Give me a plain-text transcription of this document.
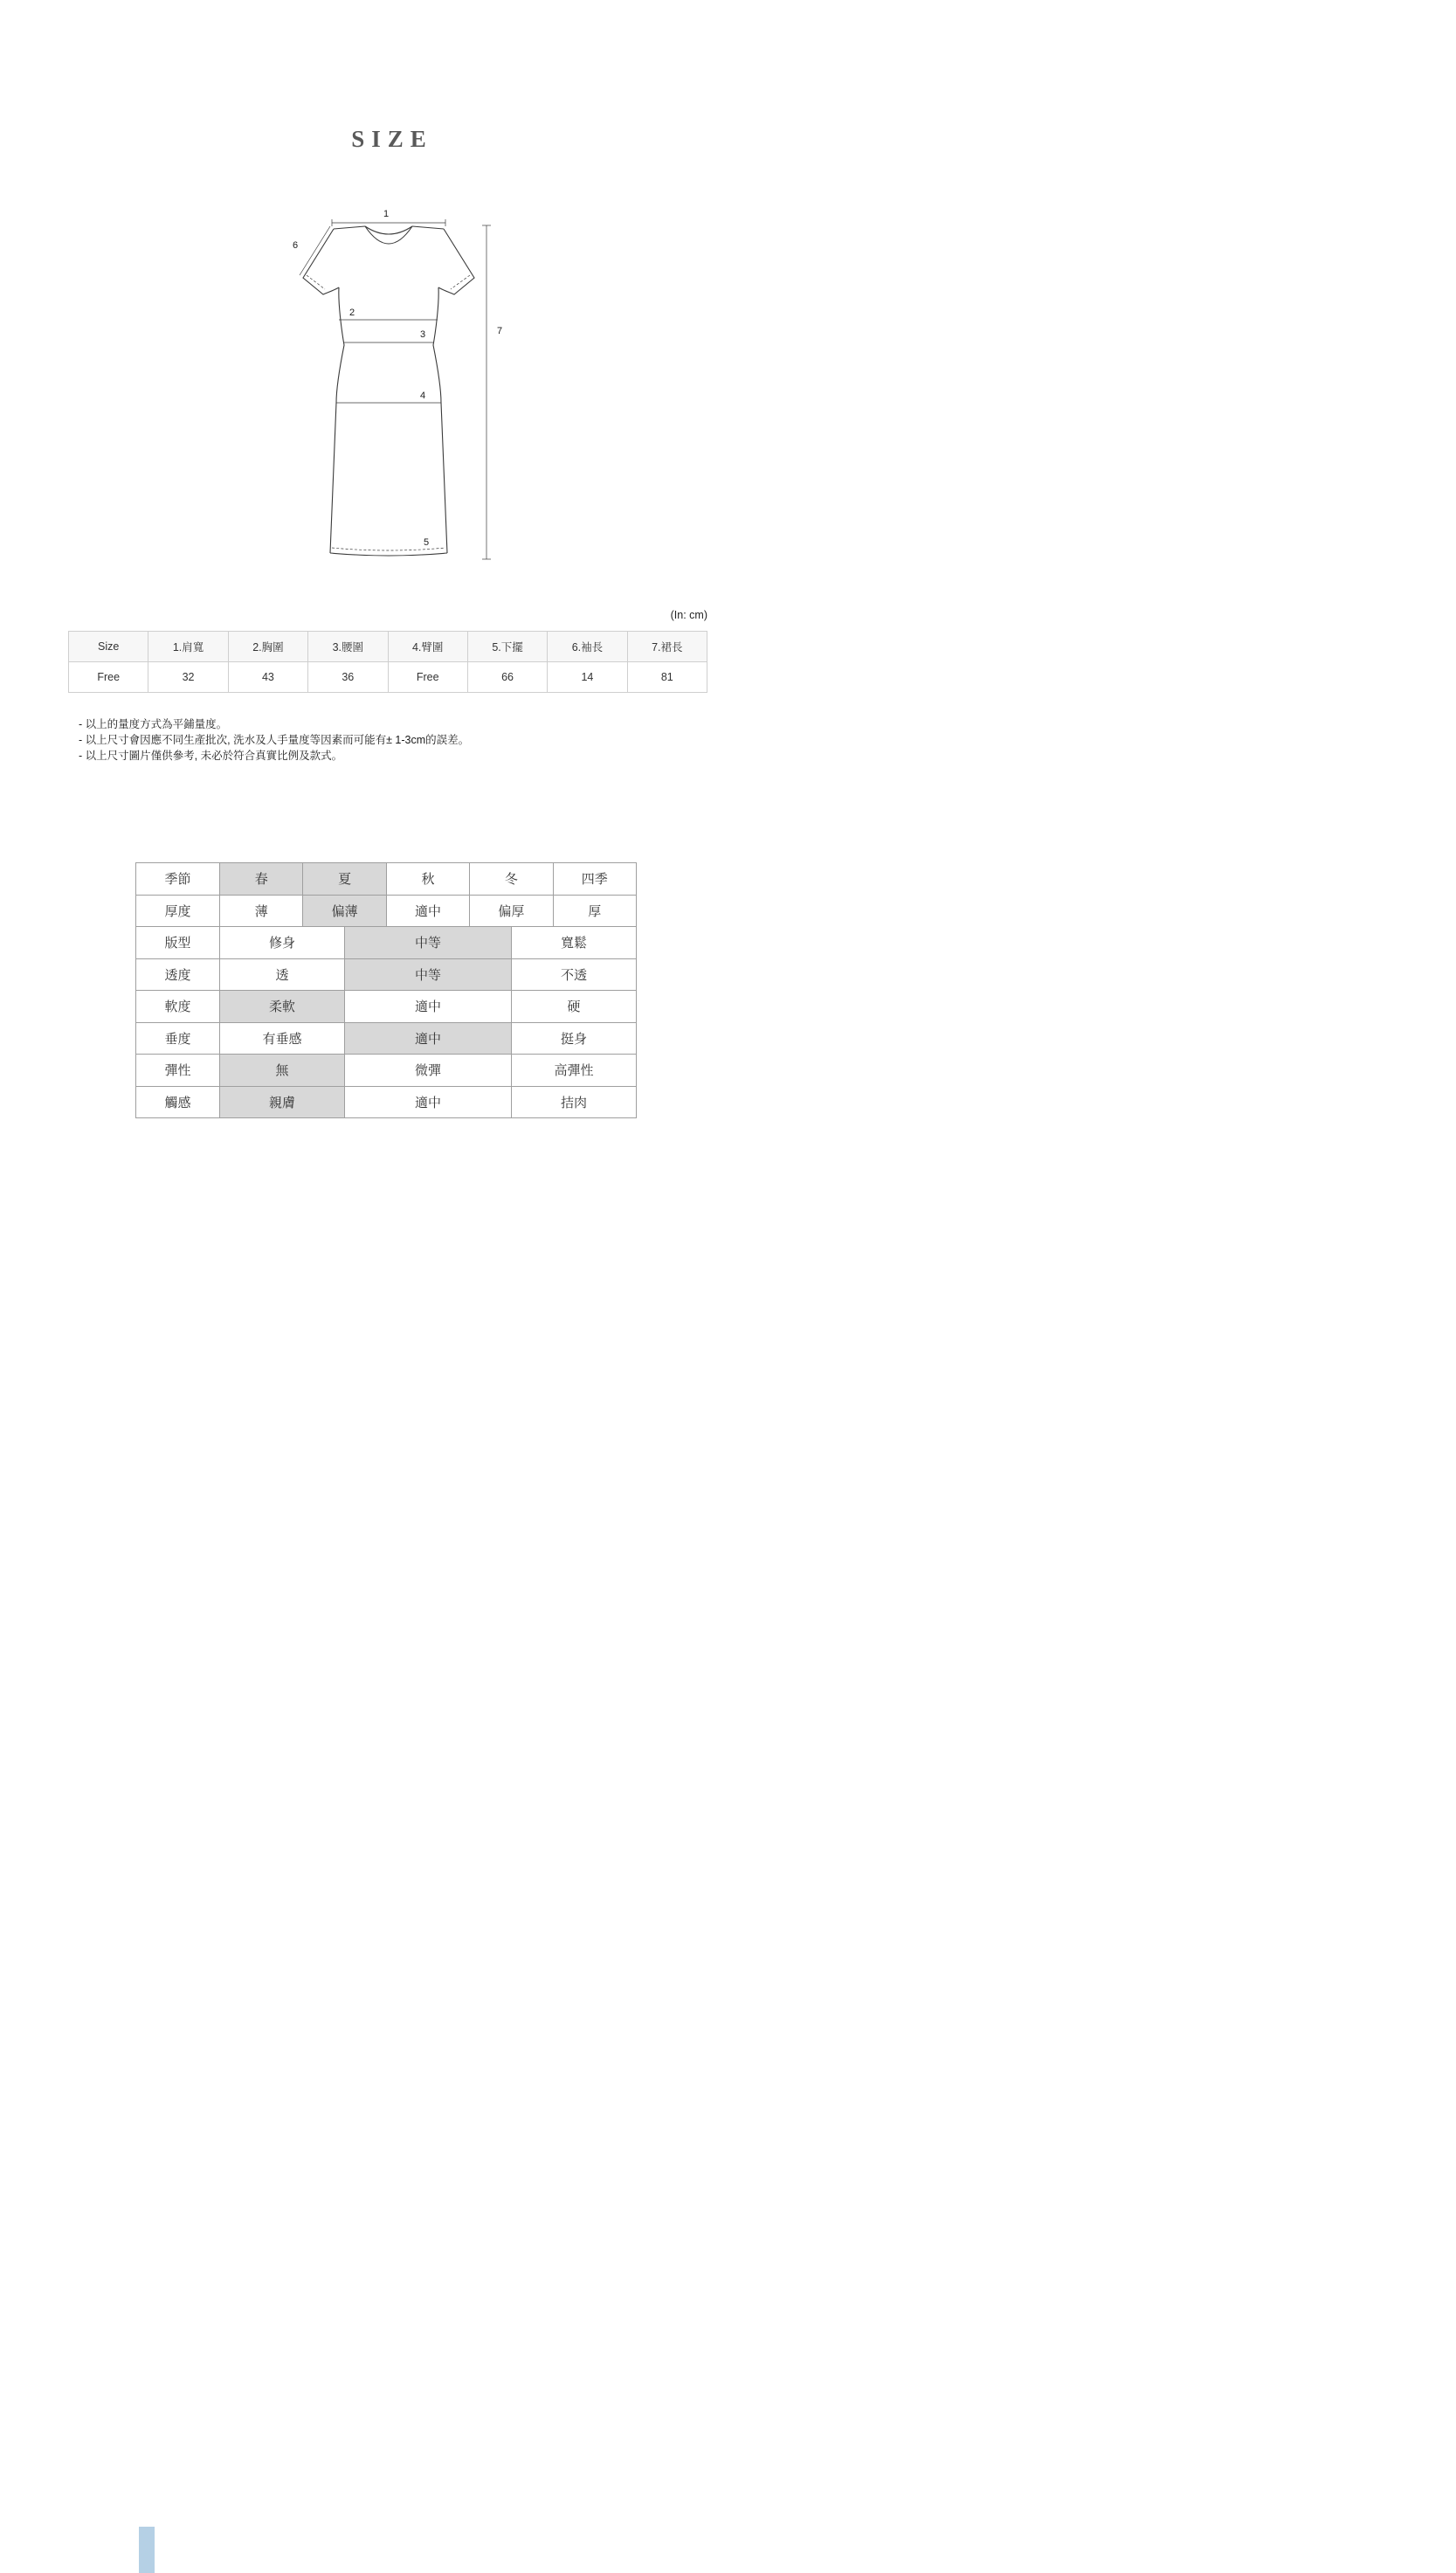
SIZE
1
7
6
2
3
4
5
(In: cm)
Size	1.肩寬	2.胸圍	3.腰圍	4.臂圍	5.下擺	6.袖長	7.裙長
Free	32	43	36	Free	66	14	81
- 以上的量度方式為平鋪量度。
- 以上尺寸會因應不同生產批次, 洗水及人手量度等因素而可能有± 1-3cm的誤差。
- 以上尺寸圖片僅供參考, 未必於符合真實比例及款式。
季節	春	夏	秋	冬	四季
厚度	薄	偏薄	適中	偏厚	厚
版型	修身	中等	寬鬆
透度	透	中等	不透
軟度	柔軟	適中	硬
垂度	有垂感	適中	挺身
彈性	無	微彈	高彈性
觸感	親膚	適中	拮肉
